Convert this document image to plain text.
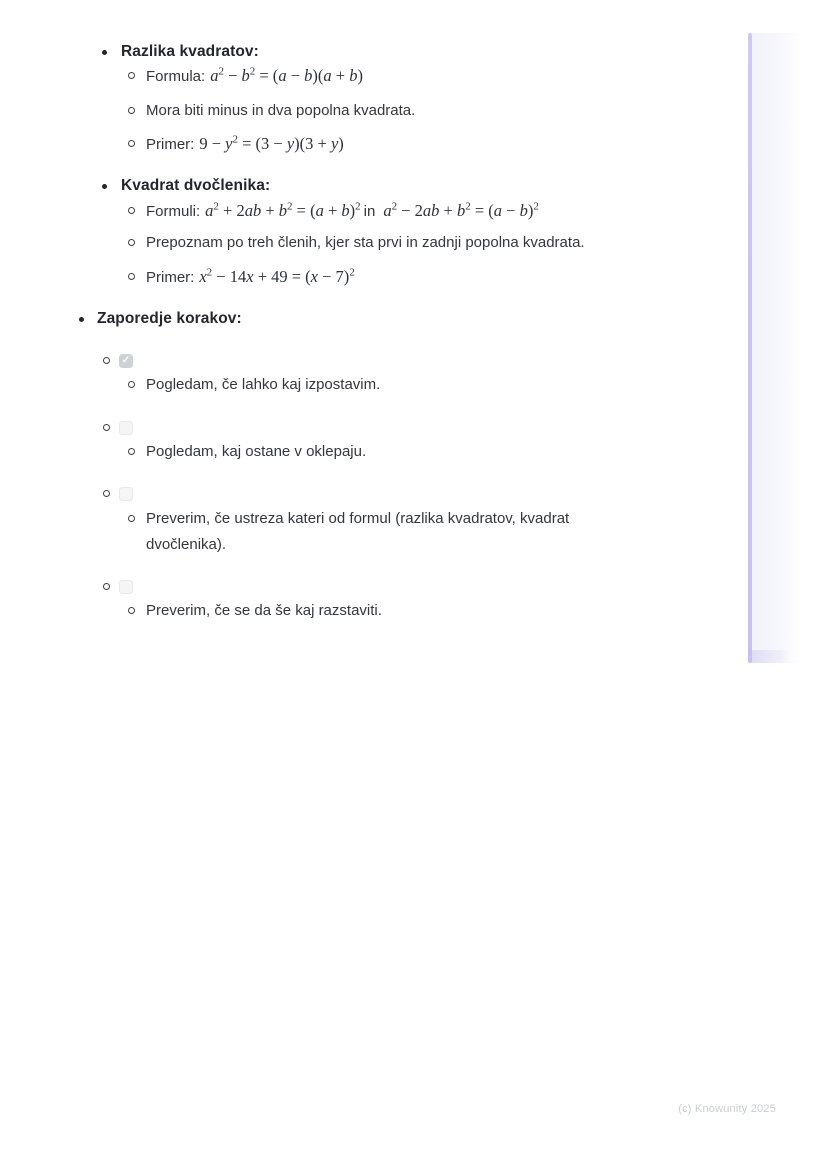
Razlika kvadratov:
Formula: $a^2 - b^2 = (a - b)(a + b)$
Mora biti minus in dva popolna kvadrata.
Primer: $9 - y^2 = (3 - y)(3 + y)$
Kvadrat dvočlenika:
Formuli: $a^2 + 2ab + b^2 = (a + b)^2$ in $a^2 - 2ab + b^2 = (a - b)^2$
Prepoznam po treh členih, kjer sta prvi in zadnji popolna kvadrata.
Primer: $x^2 - 14x + 49 = (x - 7)^2$
Zaporedje korakov:
✓
Pogledam, če lahko kaj izpostavim.
Pogledam, kaj ostane v oklepaju.
Preverim, če ustreza kateri od formul (razlika kvadratov, kvadrat dvočlenika).
Preverim, če se da še kaj razstaviti.
(c) Knowunity 2025
